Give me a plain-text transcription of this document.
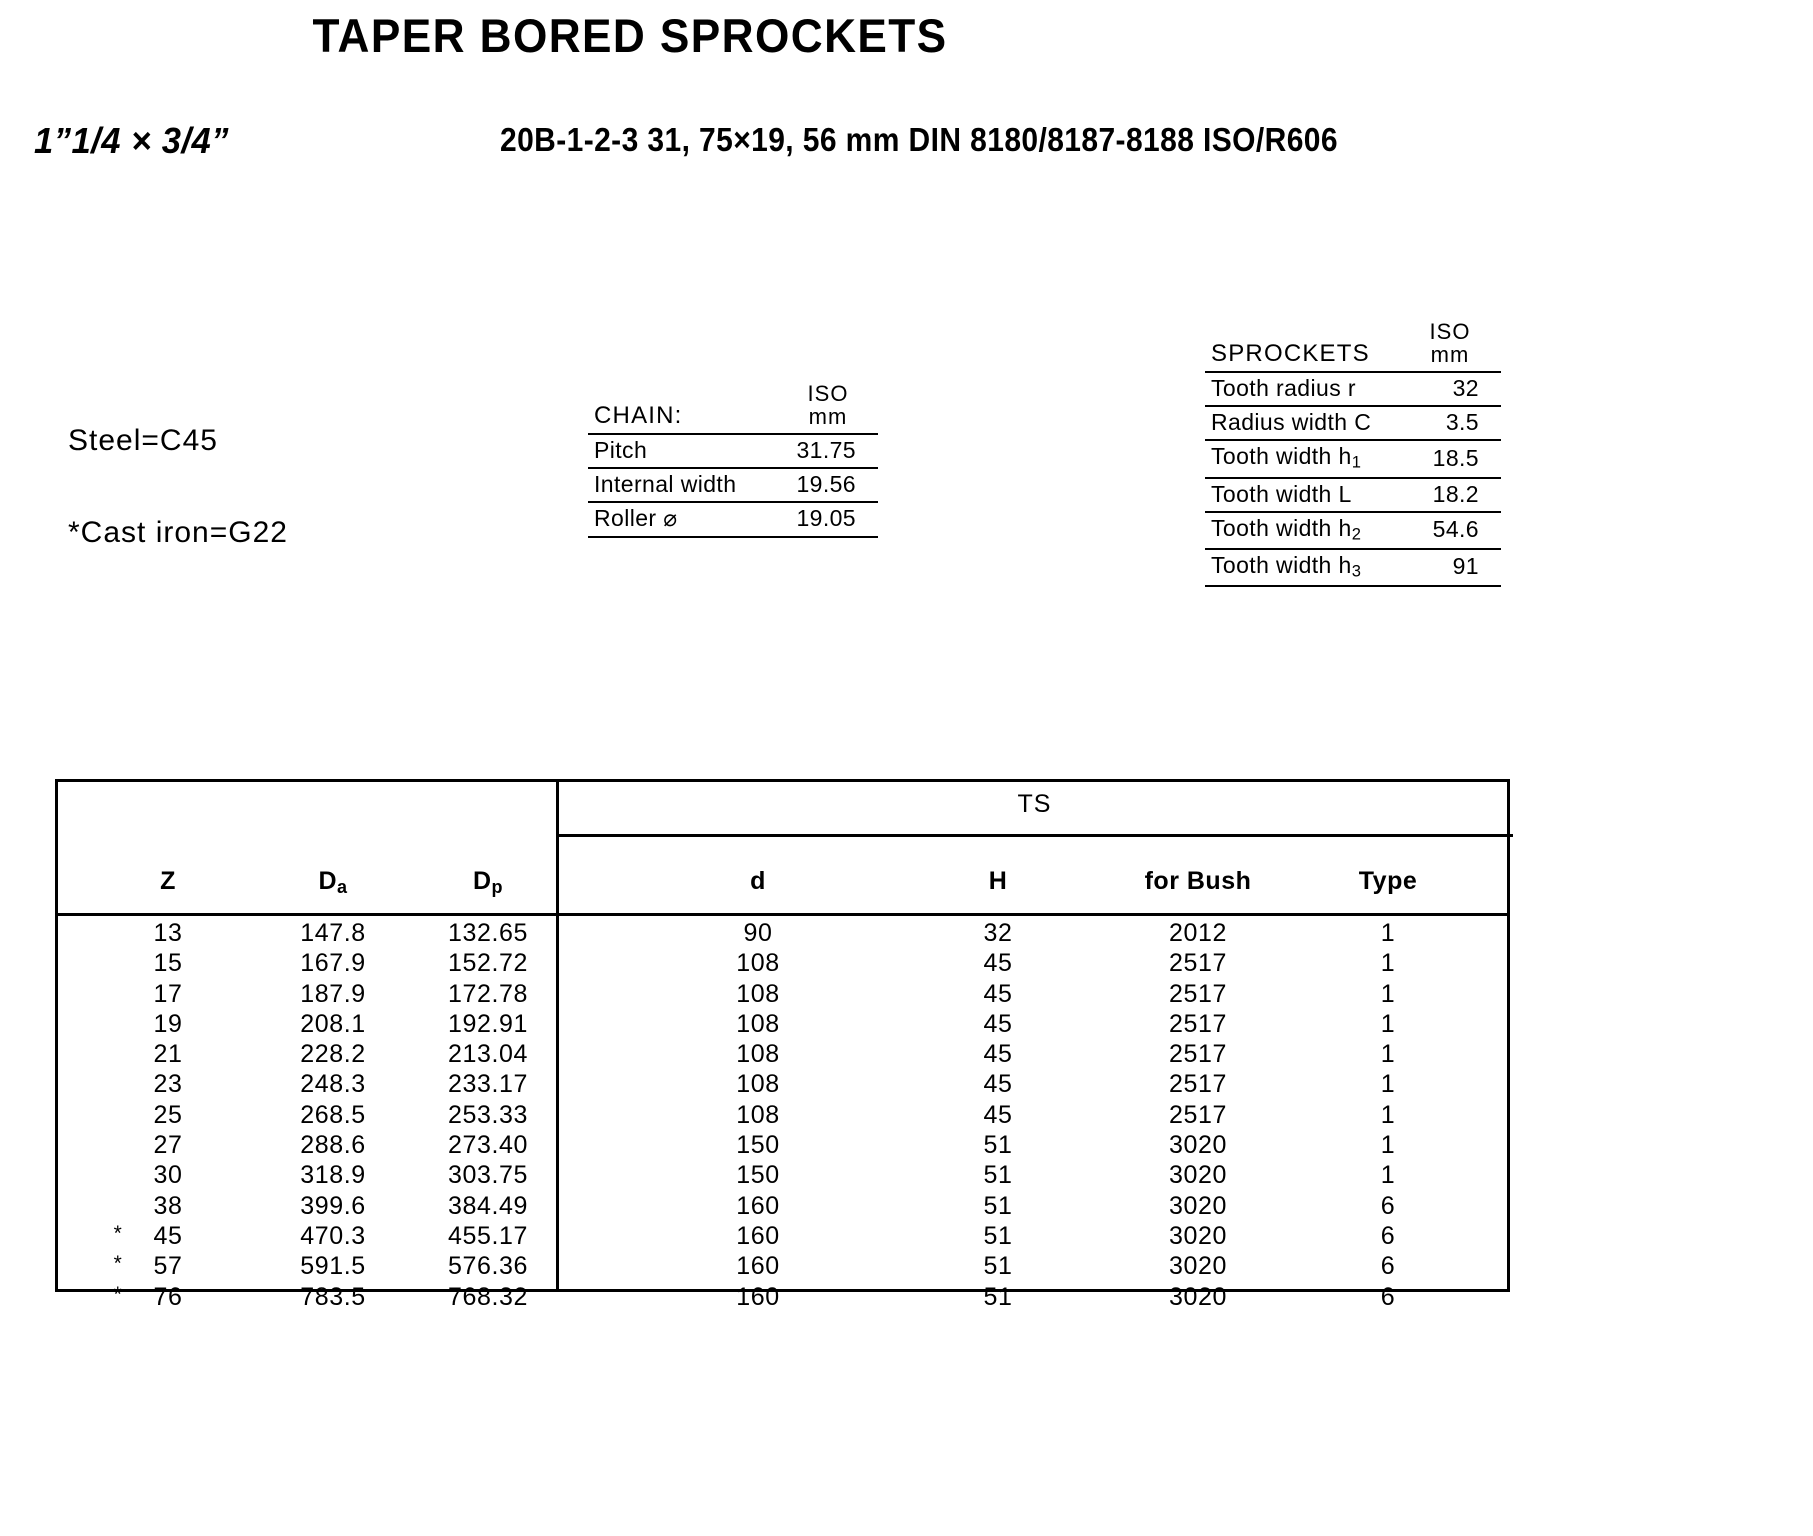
TAPER BORED SPROCKETS
1”1/4 × 3/4”	20B-1-2-3 31, 75×19, 56 mm DIN 8180/8187-8188 ISO/R606
Steel=C45
*Cast iron=G22
CHAIN:	ISO
mm

Pitch	31.75
Internal width	19.56
Roller ⌀	19.05
SPROCKETS	ISO
mm

Tooth radius r	32
Radius width C	3.5
Tooth width $h_1$	18.5
Tooth width L	18.2
Tooth width $h_2$	54.6
Tooth width $h_3$	91
TS
Z	$D_a$	$D_p$	d	H	for Bush	Type
13	147.8	132.65	90	32	2012	1
15	167.9	152.72	108	45	2517	1
17	187.9	172.78	108	45	2517	1
19	208.1	192.91	108	45	2517	1
21	228.2	213.04	108	45	2517	1
23	248.3	233.17	108	45	2517	1
25	268.5	253.33	108	45	2517	1
27	288.6	273.40	150	51	3020	1
30	318.9	303.75	150	51	3020	1
38	399.6	384.49	160	51	3020	6
*	45	470.3	455.17	160	51	3020	6
*	57	591.5	576.36	160	51	3020	6
*	76	783.5	768.32	160	51	3020	6
